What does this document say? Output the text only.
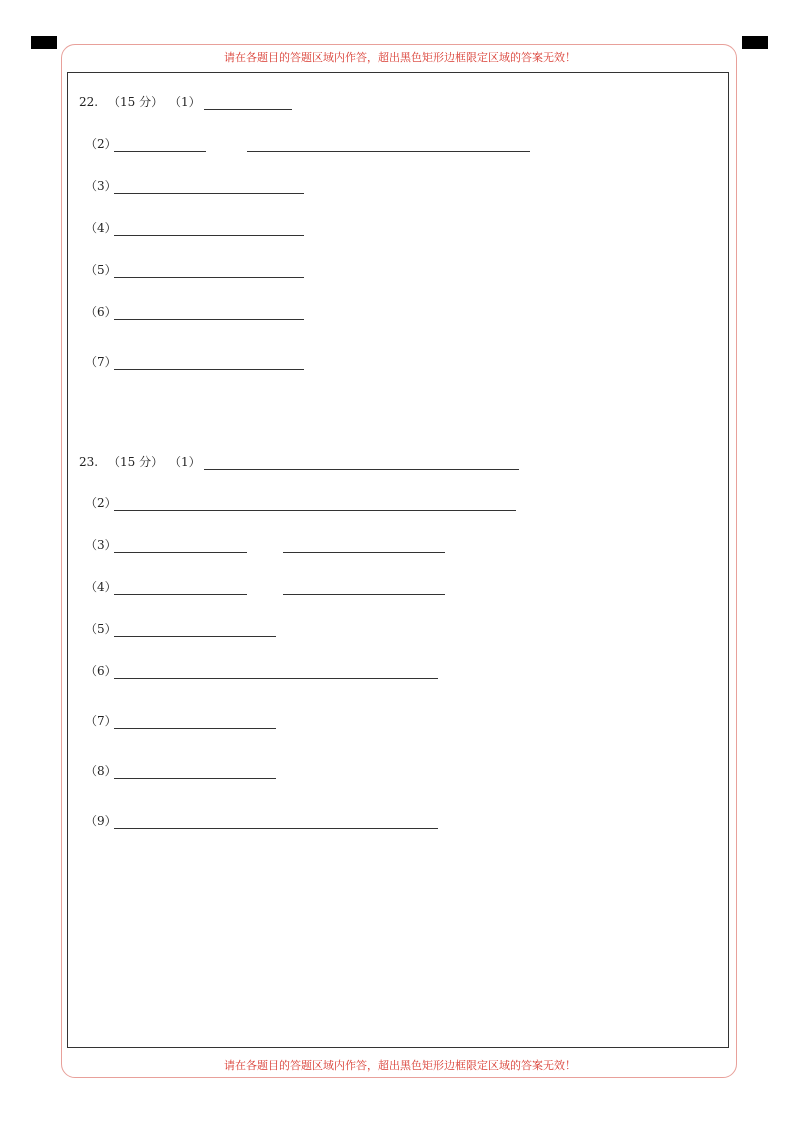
请在各题目的答题区域内作答，超出黑色矩形边框限定区域的答案无效！
请在各题目的答题区域内作答，超出黑色矩形边框限定区域的答案无效！
22. （15 分） （1）
（2）
（3）
（4）
（5）
（6）
（7）
23. （15 分） （1）
（2）
（3）
（4）
（5）
（6）
（7）
（8）
（9）
